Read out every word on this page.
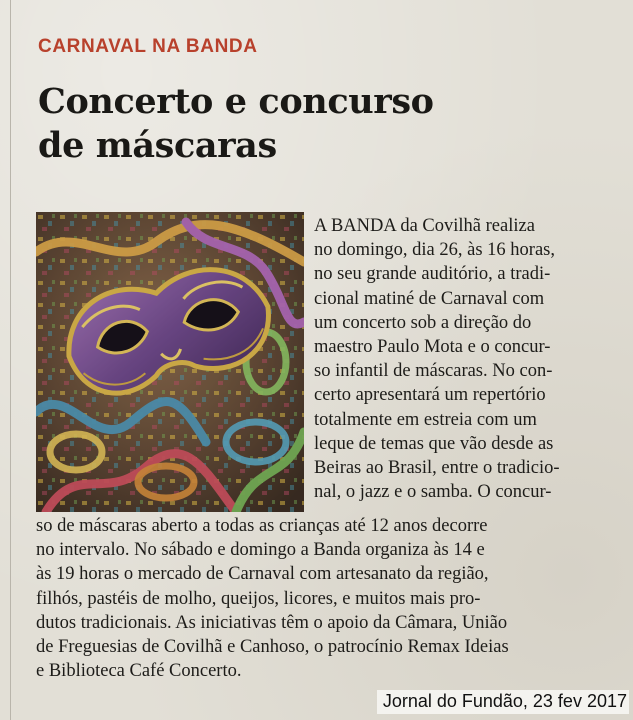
CARNAVAL NA BANDA
Concerto e concurso
de máscaras
A BANDA da Covilhã realiza
no domingo, dia 26, às 16 horas,
no seu grande auditório, a tradi-
cional matiné de Carnaval com
um concerto sob a direção do
maestro Paulo Mota e o concur-
so infantil de máscaras. No con-
certo apresentará um repertório
totalmente em estreia com um
leque de temas que vão desde as
Beiras ao Brasil, entre o tradicio-
nal, o jazz e o samba. O concur-
so de máscaras aberto a todas as crianças até 12 anos decorre
no intervalo. No sábado e domingo a Banda organiza às 14 e
às 19 horas o mercado de Carnaval com artesanato da região,
filhós, pastéis de molho, queijos, licores, e muitos mais pro-
dutos tradicionais. As iniciativas têm o apoio da Câmara, União
de Freguesias de Covilhã e Canhoso, o patrocínio Remax Ideias
e Biblioteca Café Concerto.
Jornal do Fundão, 23 fev 2017
